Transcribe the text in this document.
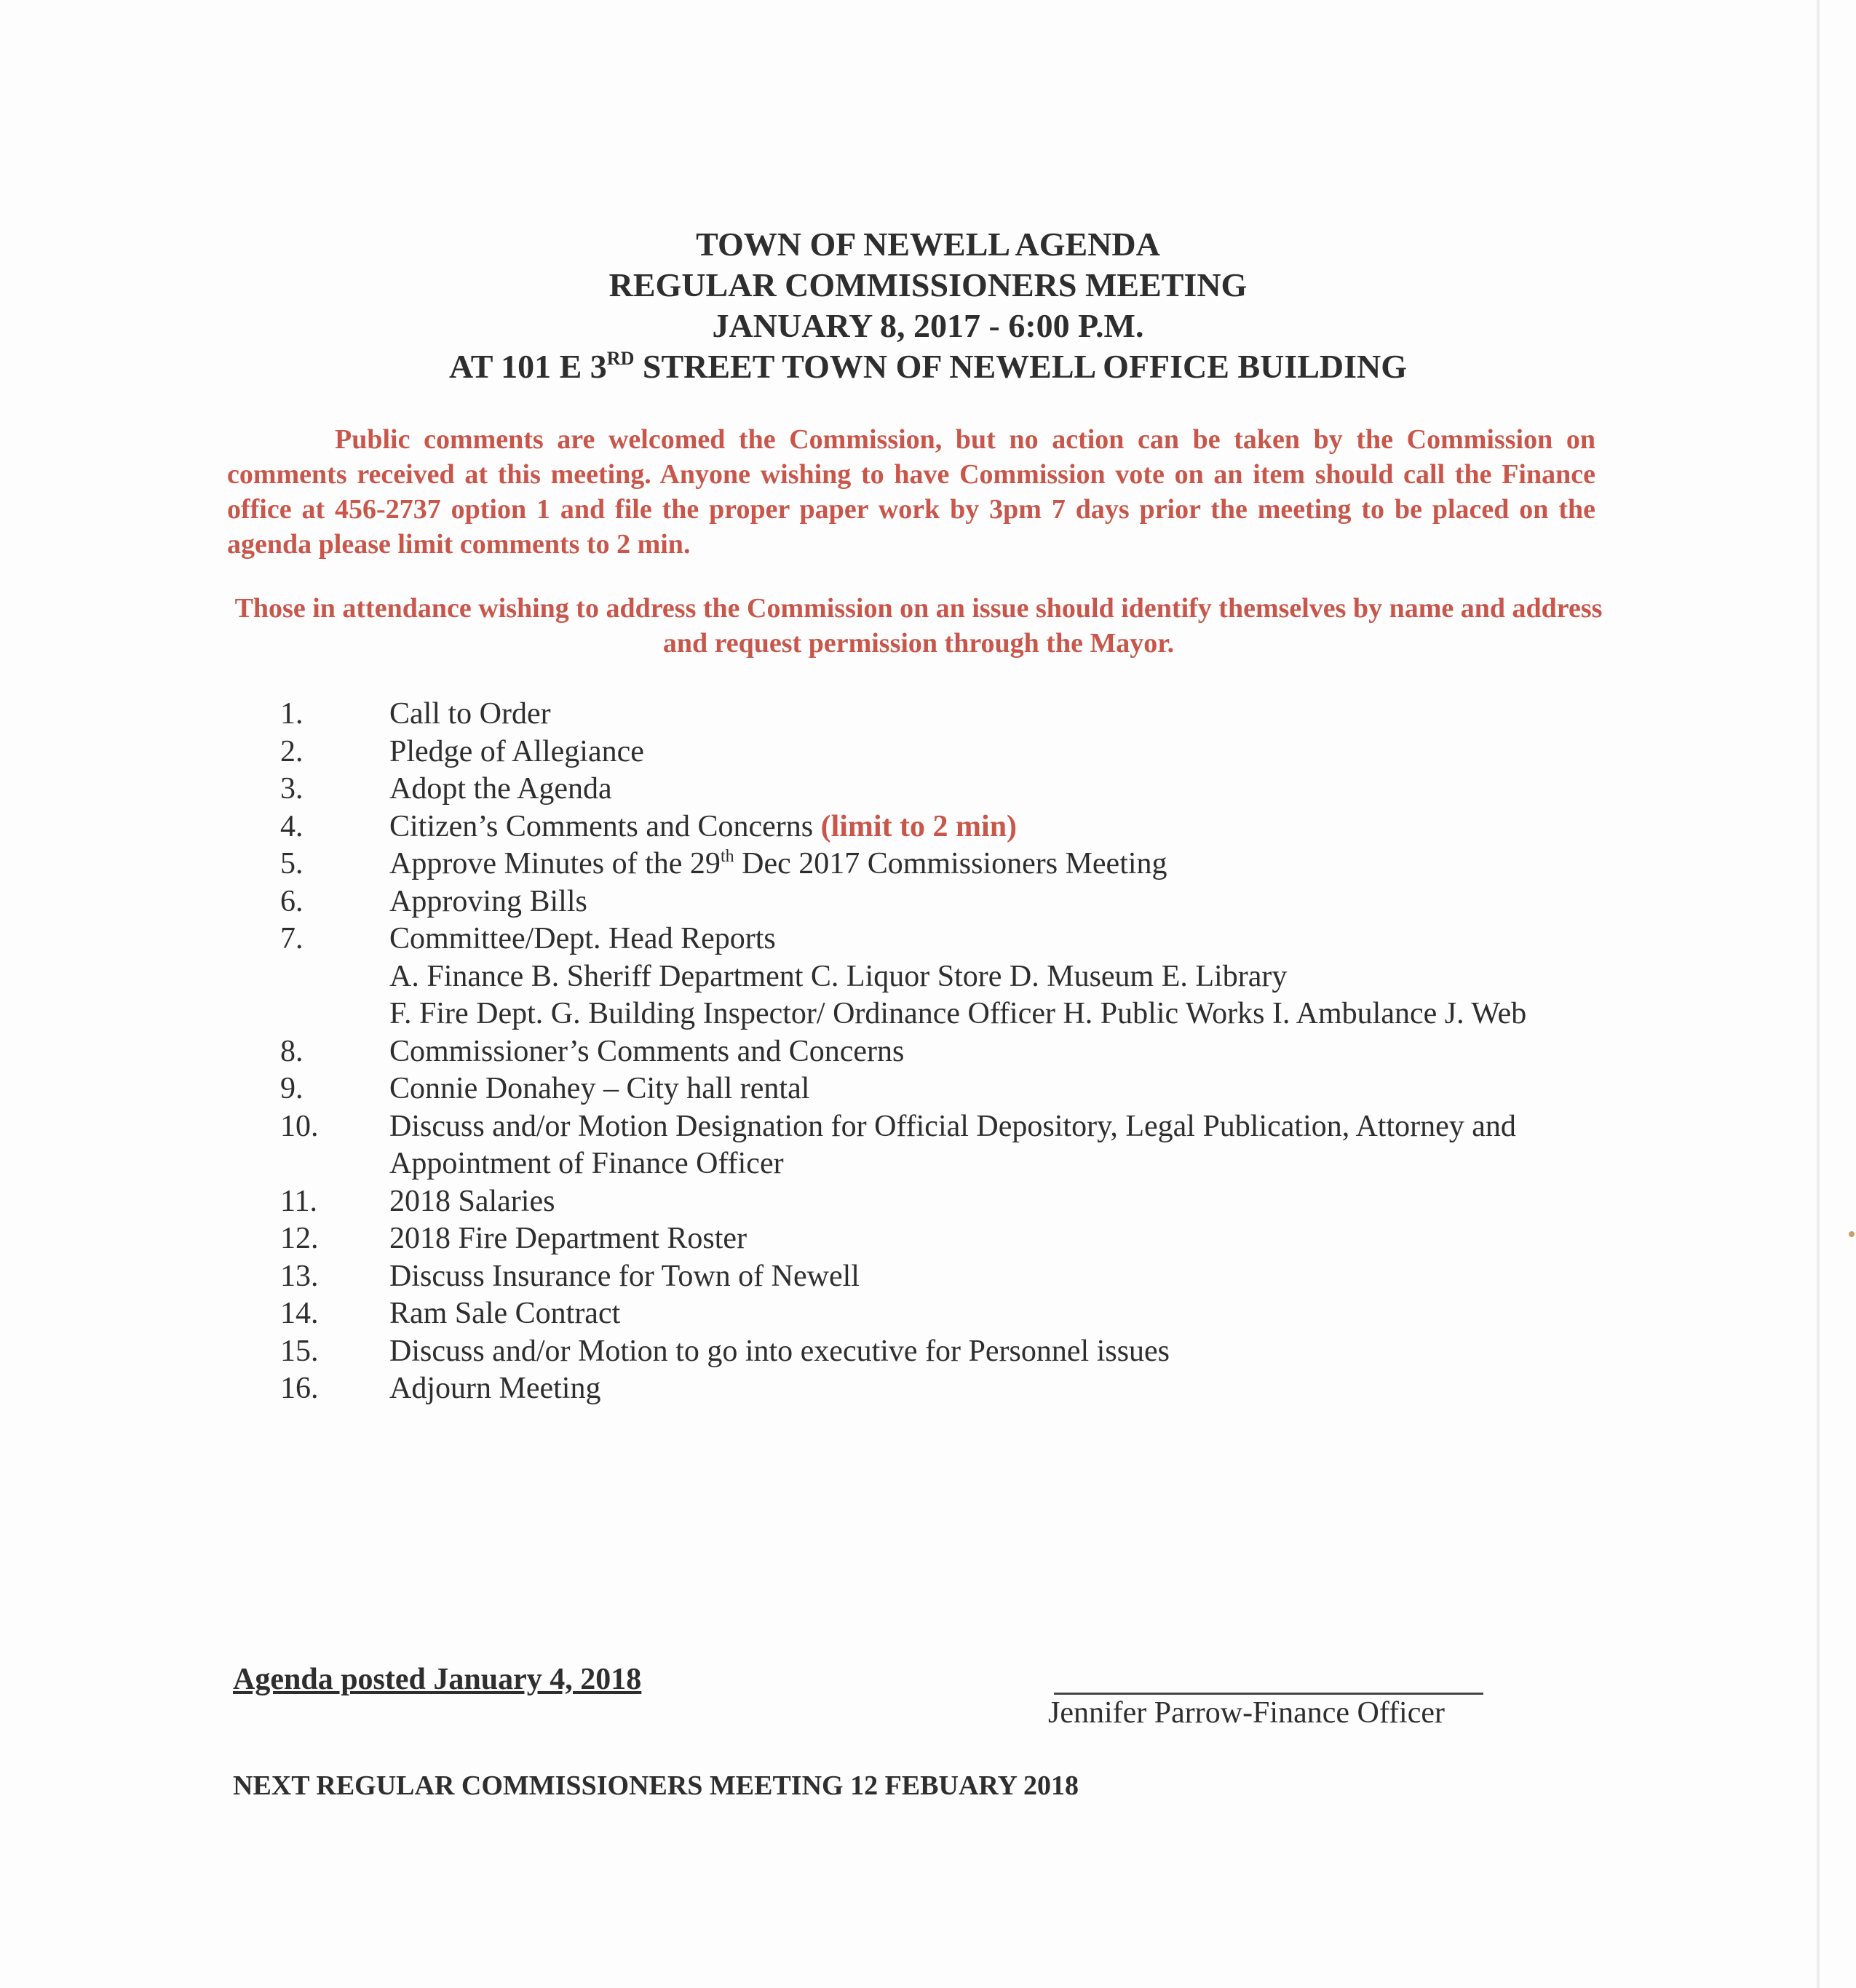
TOWN OF NEWELL AGENDA
REGULAR COMMISSIONERS MEETING
JANUARY 8, 2017 - 6:00 P.M.
AT 101 E 3RD STREET TOWN OF NEWELL OFFICE BUILDING
Public comments are welcomed the Commission, but no action can be taken by the Commission on comments received at this meeting. Anyone wishing to have Commission vote on an item should call the Finance office at 456-2737 option 1 and file the proper paper work by 3pm 7 days prior the meeting to be placed on the agenda please limit comments to 2 min.
Those in attendance wishing to address the Commission on an issue should identify themselves by name and address and request permission through the Mayor.
1.	Call to Order
2.	Pledge of Allegiance
3.	Adopt the Agenda
4.	Citizen’s Comments and Concerns (limit to 2 min)
5.	Approve Minutes of the 29th Dec 2017 Commissioners Meeting
6.	Approving Bills
7.	Committee/Dept. Head Reports
A. Finance B. Sheriff Department C. Liquor Store D. Museum E. Library
F. Fire Dept. G. Building Inspector/ Ordinance Officer H. Public Works I. Ambulance J. Web
8.	Commissioner’s Comments and Concerns
9.	Connie Donahey – City hall rental
10.	Discuss and/or Motion Designation for Official Depository, Legal Publication, Attorney and
Appointment of Finance Officer
11.	2018 Salaries
12.	2018 Fire Department Roster
13.	Discuss Insurance for Town of Newell
14.	Ram Sale Contract
15.	Discuss and/or Motion to go into executive for Personnel issues
16.	Adjourn Meeting
Agenda posted January 4, 2018
Jennifer Parrow-Finance Officer
NEXT REGULAR COMMISSIONERS MEETING 12 FEBUARY 2018
